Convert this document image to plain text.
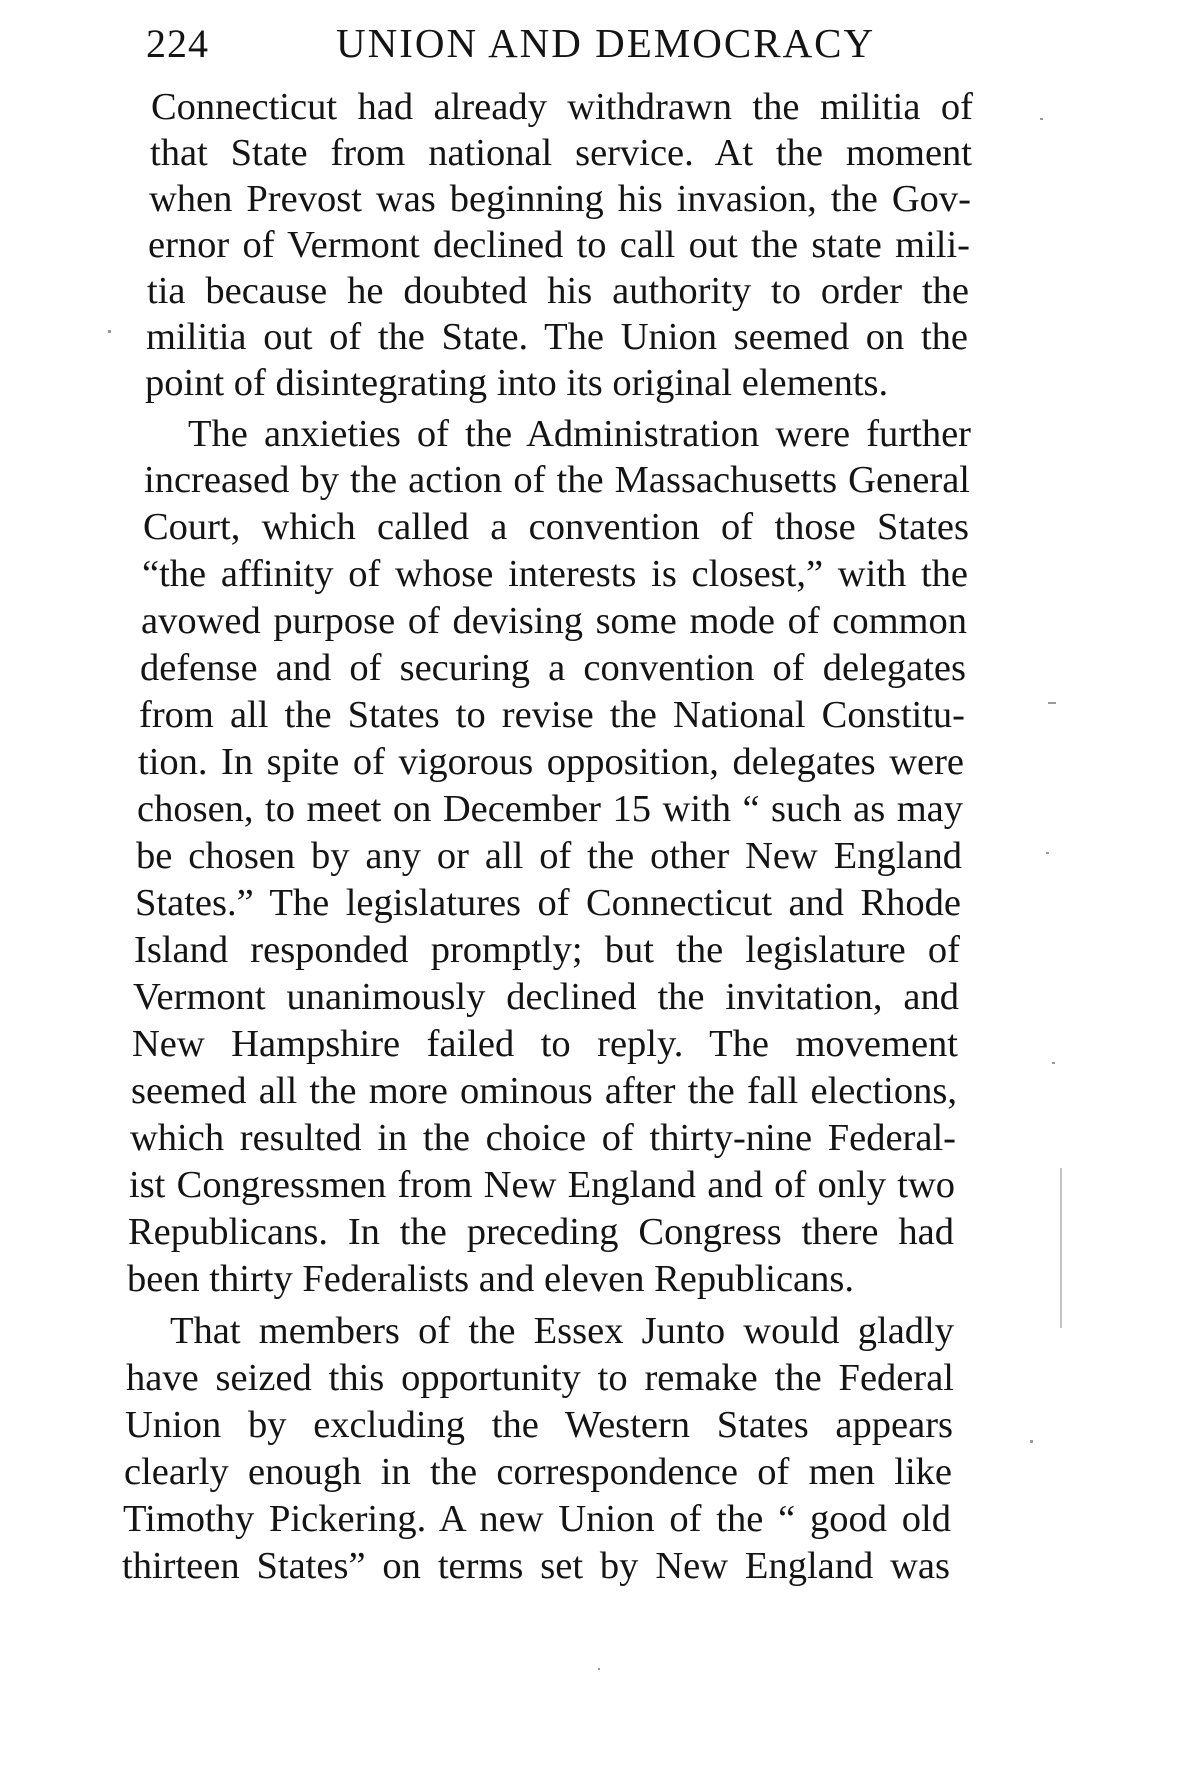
224	UNION AND DEMOCRACY
Connecticut had already withdrawn the militia of
that State from national service. At the moment
when Prevost was beginning his invasion, the Gov-
ernor of Vermont declined to call out the state mili-
tia because he doubted his authority to order the
militia out of the State. The Union seemed on the
point of disintegrating into its original elements.
The anxieties of the Administration were further
increased by the action of the Massachusetts General
Court, which called a convention of those States
“the affinity of whose interests is closest,” with the
avowed purpose of devising some mode of common
defense and of securing a convention of delegates
from all the States to revise the National Constitu-
tion. In spite of vigorous opposition, delegates were
chosen, to meet on December 15 with “ such as may
be chosen by any or all of the other New England
States.” The legislatures of Connecticut and Rhode
Island responded promptly; but the legislature of
Vermont unanimously declined the invitation, and
New Hampshire failed to reply. The movement
seemed all the more ominous after the fall elections,
which resulted in the choice of thirty-nine Federal-
ist Congressmen from New England and of only two
Republicans. In the preceding Congress there had
been thirty Federalists and eleven Republicans.
That members of the Essex Junto would gladly
have seized this opportunity to remake the Federal
Union by excluding the Western States appears
clearly enough in the correspondence of men like
Timothy Pickering. A new Union of the “ good old
thirteen States” on terms set by New England was
